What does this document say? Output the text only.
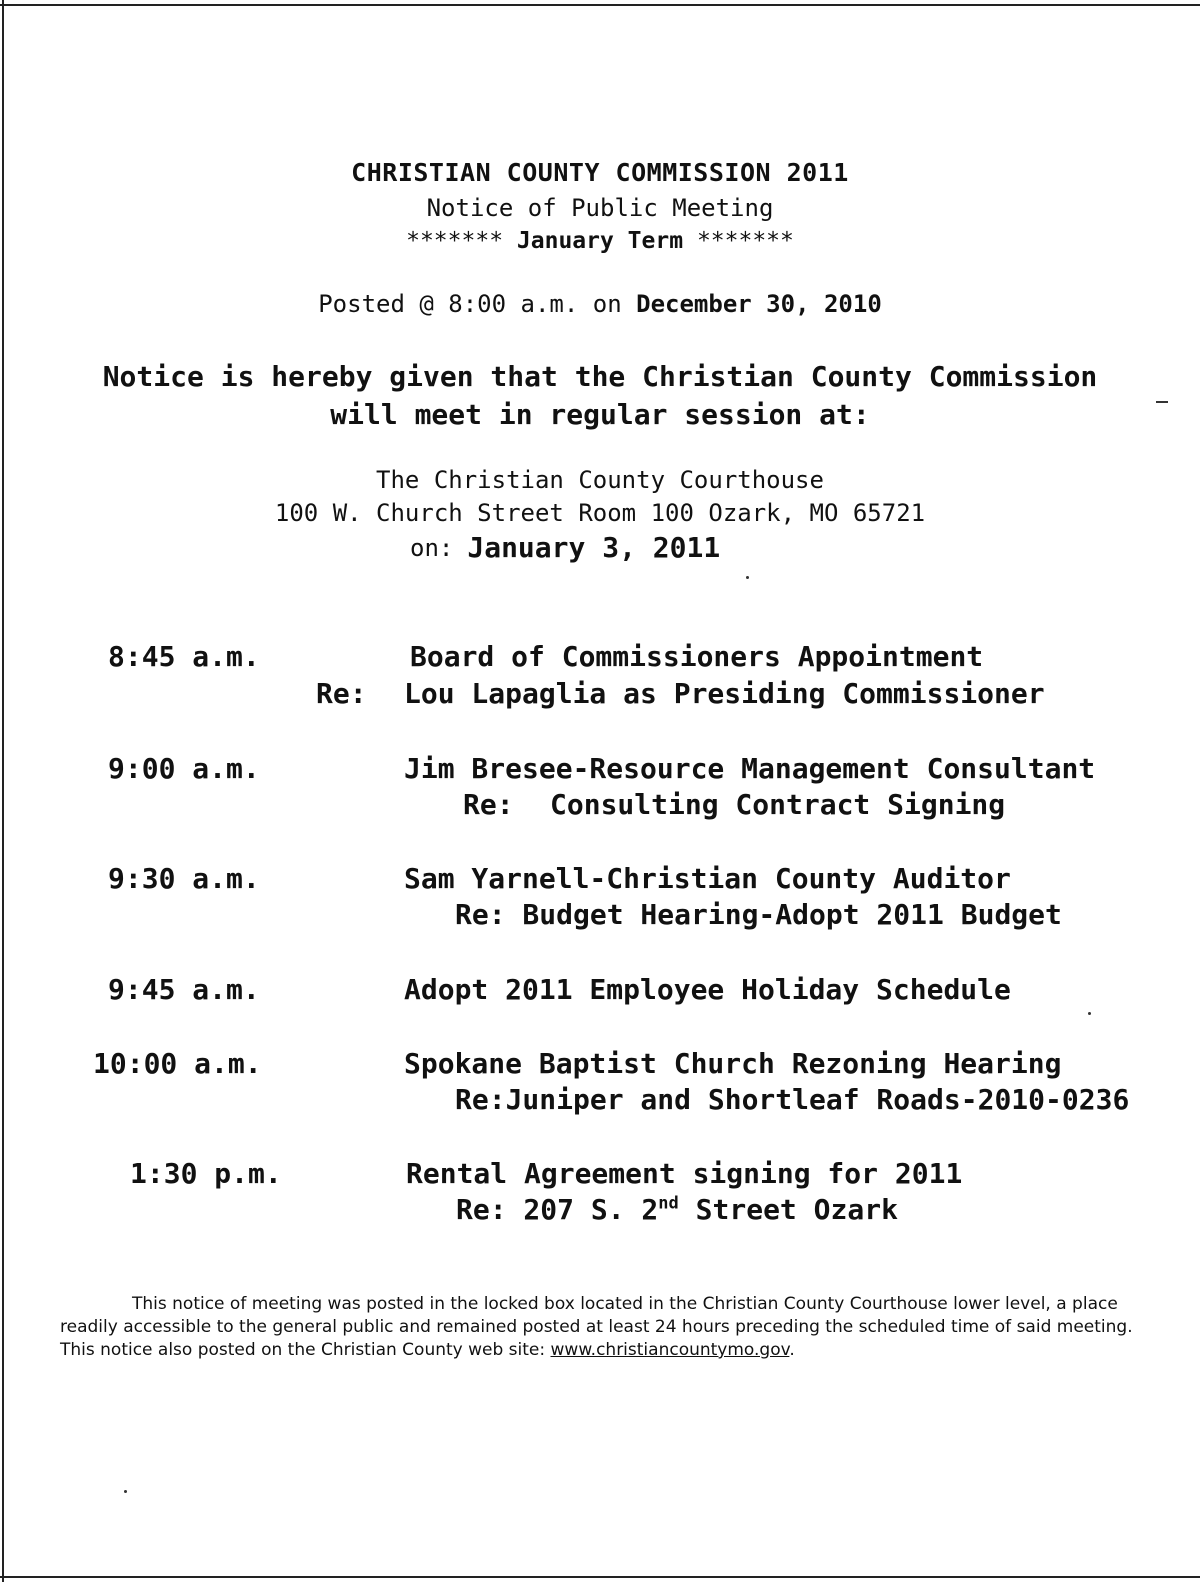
CHRISTIAN COUNTY COMMISSION 2011
Notice of Public Meeting
******* January Term *******
Posted @ 8:00 a.m. on December 30, 2010
Notice is hereby given that the Christian County Commission
will meet in regular session at:
The Christian County Courthouse
100 W. Church Street Room 100 Ozark, MO 65721
on: January 3, 2011
8:45 a.m.	Board of Commissioners Appointment
Re: Lou Lapaglia as Presiding Commissioner
9:00 a.m.	Jim Bresee-Resource Management Consultant
Re: Consulting Contract Signing
9:30 a.m.	Sam Yarnell-Christian County Auditor
Re: Budget Hearing-Adopt 2011 Budget
9:45 a.m.	Adopt 2011 Employee Holiday Schedule
10:00 a.m.	Spokane Baptist Church Rezoning Hearing
Re:Juniper and Shortleaf Roads-2010-0236
1:30 p.m.	Rental Agreement signing for 2011
Re: 207 S. 2nd Street Ozark
This notice of meeting was posted in the locked box located in the Christian County Courthouse lower level, a place readily accessible to the general public and remained posted at least 24 hours preceding the scheduled time of said meeting. This notice also posted on the Christian County web site: www.christiancountymo.gov.
